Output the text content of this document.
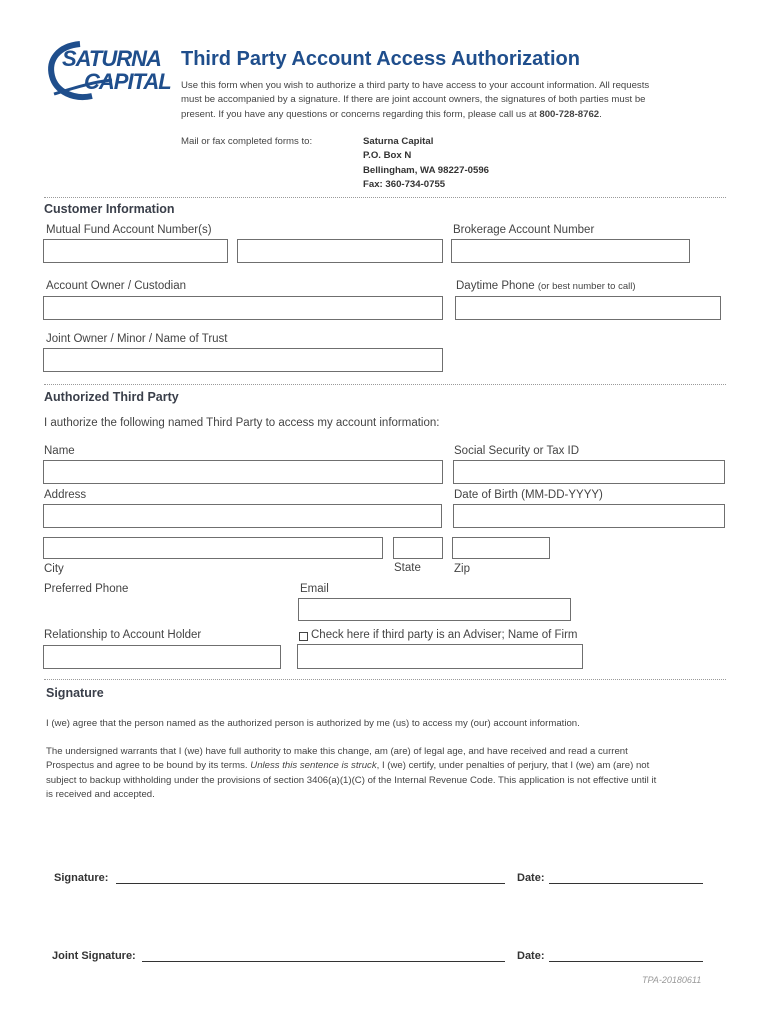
SATURNA
CAPITAL
Third Party Account Access Authorization
Use this form when you wish to authorize a third party to have access to your account information. All requests
must be accompanied by a signature. If there are joint account owners, the signatures of both parties must be
present. If you have any questions or concerns regarding this form, please call us at 800-728-8762.
Mail or fax completed forms to:	Saturna Capital
P.O. Box N
Bellingham, WA 98227-0596
Fax: 360-734-0755
Customer Information
Mutual Fund Account Number(s)	Brokerage Account Number
Account Owner / Custodian	Daytime Phone (or best number to call)
Joint Owner / Minor / Name of Trust
Authorized Third Party
I authorize the following named Third Party to access my account information:
Name	Social Security or Tax ID
Address	Date of Birth (MM-DD-YYYY)
City	State	Zip
Preferred Phone	Email
Relationship to Account Holder	Check here if third party is an Adviser; Name of Firm
Signature
I (we) agree that the person named as the authorized person is authorized by me (us) to access my (our) account information.
The undersigned warrants that I (we) have full authority to make this change, am (are) of legal age, and have received and read a current
Prospectus and agree to be bound by its terms. Unless this sentence is struck, I (we) certify, under penalties of perjury, that I (we) am (are) not
subject to backup withholding under the provisions of section 3406(a)(1)(C) of the Internal Revenue Code. This application is not effective until it
is received and accepted.
Signature:	Date:
Joint Signature:	Date:
TPA-20180611
